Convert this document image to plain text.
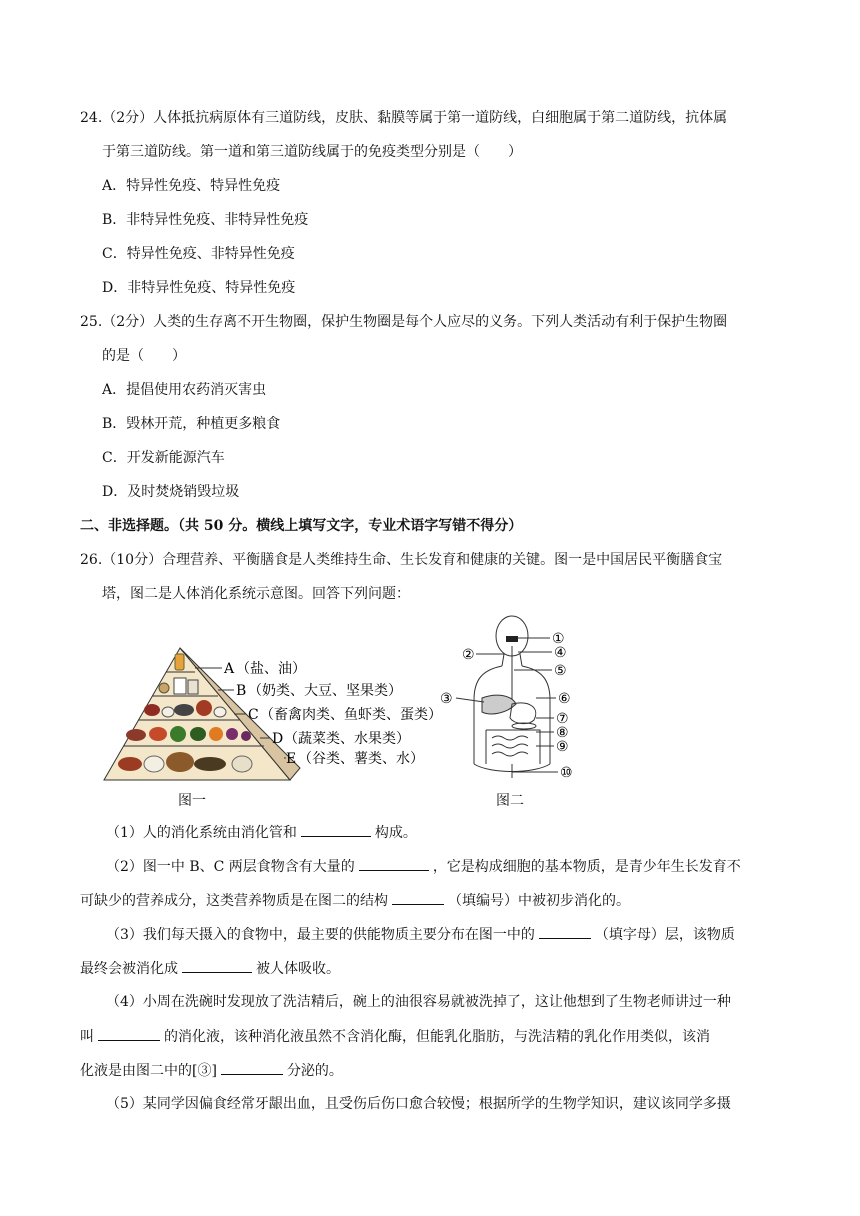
24.（2分）人体抵抗病原体有三道防线，皮肤、黏膜等属于第一道防线，白细胞属于第二道防线，抗体属
于第三道防线。第一道和第三道防线属于的免疫类型分别是（　　）
A．特异性免疫、特异性免疫
B．非特异性免疫、非特异性免疫
C．特异性免疫、非特异性免疫
D．非特异性免疫、特异性免疫
25.（2分）人类的生存离不开生物圈，保护生物圈是每个人应尽的义务。下列人类活动有利于保护生物圈
的是（　　）
A．提倡使用农药消灭害虫
B．毁林开荒，种植更多粮食
C．开发新能源汽车
D．及时焚烧销毁垃圾
二、非选择题。（共 50 分。横线上填写文字，专业术语字写错不得分）
26.（10分）合理营养、平衡膳食是人类维持生命、生长发育和健康的关键。图一是中国居民平衡膳食宝
塔，图二是人体消化系统示意图。回答下列问题：
A （盐、油）
B （奶类、大豆、坚果类）
C （畜禽肉类、鱼虾类、蛋类）
D （蔬菜类、水果类）
E （谷类、薯类、水）
图一
①
②	④
⑤
③	⑥
⑦
⑧
⑨
⑩
图二
（1）人的消化系统由消化管和	构成。
（2）图一中 B、C 两层食物含有大量的	，它是构成细胞的基本物质，是青少年生长发育不
可缺少的营养成分，这类营养物质是在图二的结构	（填编号）中被初步消化的。
（3）我们每天摄入的食物中，最主要的供能物质主要分布在图一中的	（填字母）层，该物质
最终会被消化成	被人体吸收。
（4）小周在洗碗时发现放了洗洁精后，碗上的油很容易就被洗掉了，这让他想到了生物老师讲过一种
叫	的消化液，该种消化液虽然不含消化酶，但能乳化脂肪，与洗洁精的乳化作用类似，该消
化液是由图二中的[③]	分泌的。
（5）某同学因偏食经常牙龈出血，且受伤后伤口愈合较慢；根据所学的生物学知识，建议该同学多摄
